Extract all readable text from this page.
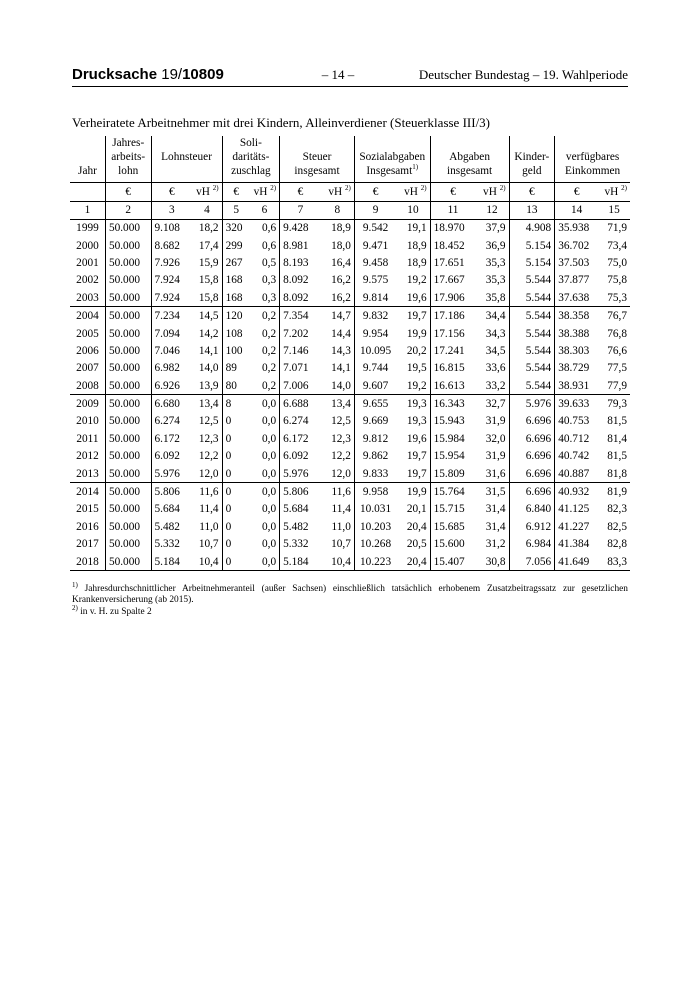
Drucksache 19/10809	– 14 –	Deutscher Bundestag – 19. Wahlperiode
Verheiratete Arbeitnehmer mit drei Kindern, Alleinverdiener (Steuerklasse III/3)
	Jahres-			Soli-										
	arbeits-	Lohnsteuer		daritäts-		Steuer		Sozialabgaben		Abgaben		Kinder-	verfügbares	
Jahr	lohn			zuschlag		insgesamt		Insgesamt$^{1)}$		insgesamt		geld	Einkommen	

	€	€	vH $^{2)}$	€	vH $^{2)}$	€	vH $^{2)}$	€	vH $^{2)}$	€	vH $^{2)}$	€	€	vH $^{2)}$
1	2	3	4	5	6	7	8	9	10	11	12	13	14	15
1999	50.000	9.108	18,2	320	0,6	9.428	18,9	9.542	19,1	18.970	37,9	4.908	35.938	71,9
2000	50.000	8.682	17,4	299	0,6	8.981	18,0	9.471	18,9	18.452	36,9	5.154	36.702	73,4
2001	50.000	7.926	15,9	267	0,5	8.193	16,4	9.458	18,9	17.651	35,3	5.154	37.503	75,0
2002	50.000	7.924	15,8	168	0,3	8.092	16,2	9.575	19,2	17.667	35,3	5.544	37.877	75,8
2003	50.000	7.924	15,8	168	0,3	8.092	16,2	9.814	19,6	17.906	35,8	5.544	37.638	75,3
2004	50.000	7.234	14,5	120	0,2	7.354	14,7	9.832	19,7	17.186	34,4	5.544	38.358	76,7
2005	50.000	7.094	14,2	108	0,2	7.202	14,4	9.954	19,9	17.156	34,3	5.544	38.388	76,8
2006	50.000	7.046	14,1	100	0,2	7.146	14,3	10.095	20,2	17.241	34,5	5.544	38.303	76,6
2007	50.000	6.982	14,0	89	0,2	7.071	14,1	9.744	19,5	16.815	33,6	5.544	38.729	77,5
2008	50.000	6.926	13,9	80	0,2	7.006	14,0	9.607	19,2	16.613	33,2	5.544	38.931	77,9
2009	50.000	6.680	13,4	8	0,0	6.688	13,4	9.655	19,3	16.343	32,7	5.976	39.633	79,3
2010	50.000	6.274	12,5	0	0,0	6.274	12,5	9.669	19,3	15.943	31,9	6.696	40.753	81,5
2011	50.000	6.172	12,3	0	0,0	6.172	12,3	9.812	19,6	15.984	32,0	6.696	40.712	81,4
2012	50.000	6.092	12,2	0	0,0	6.092	12,2	9.862	19,7	15.954	31,9	6.696	40.742	81,5
2013	50.000	5.976	12,0	0	0,0	5.976	12,0	9.833	19,7	15.809	31,6	6.696	40.887	81,8
2014	50.000	5.806	11,6	0	0,0	5.806	11,6	9.958	19,9	15.764	31,5	6.696	40.932	81,9
2015	50.000	5.684	11,4	0	0,0	5.684	11,4	10.031	20,1	15.715	31,4	6.840	41.125	82,3
2016	50.000	5.482	11,0	0	0,0	5.482	11,0	10.203	20,4	15.685	31,4	6.912	41.227	82,5
2017	50.000	5.332	10,7	0	0,0	5.332	10,7	10.268	20,5	15.600	31,2	6.984	41.384	82,8
2018	50.000	5.184	10,4	0	0,0	5.184	10,4	10.223	20,4	15.407	30,8	7.056	41.649	83,3
$^{1)}$ Jahresdurchschnittlicher Arbeitnehmeranteil (außer Sachsen) einschließlich tatsächlich erhobenem Zusatzbeitragssatz zur gesetzlichen Krankenversicherung (ab 2015).
$^{2)}$ in v. H. zu Spalte 2
